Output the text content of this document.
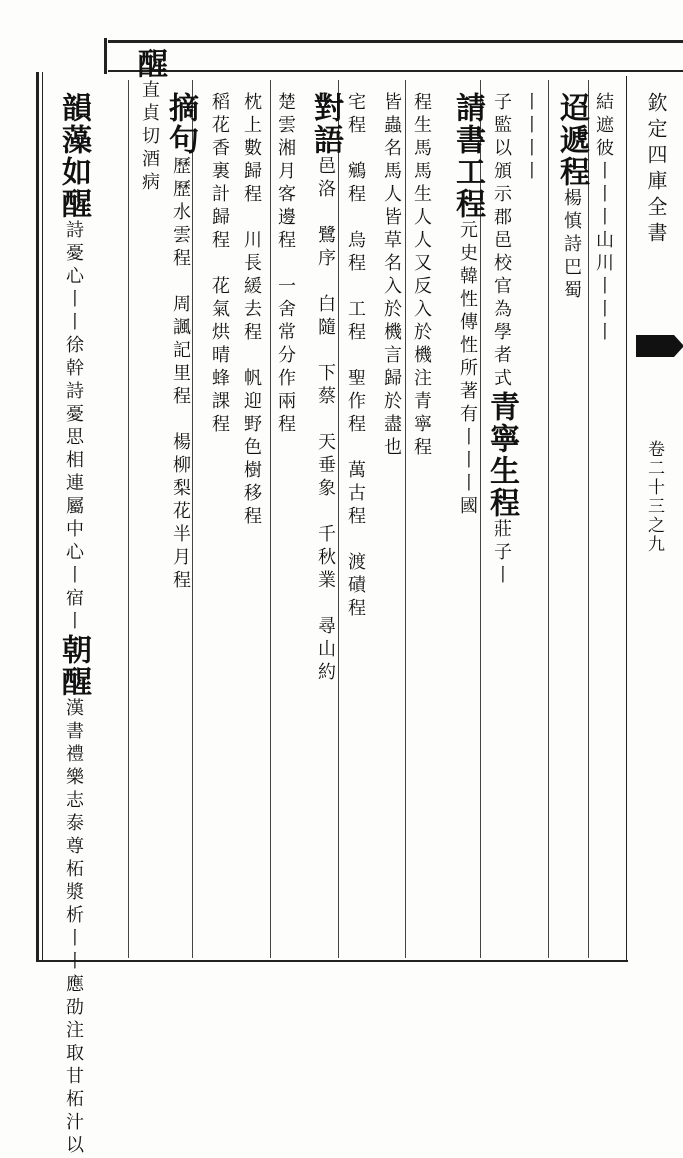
欽定四庫全書
卷二十三之九
結遮彼丨丨丨山川丨丨丨
迢遞程楊慎詩巴蜀
丨丨丨丨
子監以頒示郡邑校官為學者式青寧生程莊子丨
請書工程元史韓性傳性所著有丨丨丨國
程生馬馬生人人又反入於機注青寧程
皆蟲名馬人皆草名入於機言歸於盡也
宅程　鵷程　烏程　工程　聖作程　萬古程　渡磧程
對語邑洛　鷺序　白隨　下蔡　天垂象　千秋業　尋山約
楚雲湘月客邊程　一舍常分作兩程
枕上數歸程　川長緩去程　帆迎野色樹移程
稻花香裏計歸程　花氣烘晴蜂課程
摘句歷歷水雲程　周諷記里程　楊柳梨花半月程
醒直貞切酒病
韻藻如醒詩憂心丨丨徐幹詩憂思相連屬中心丨宿丨朝醒漢書禮樂志泰尊柘漿析丨丨應劭注取甘柘汁以
